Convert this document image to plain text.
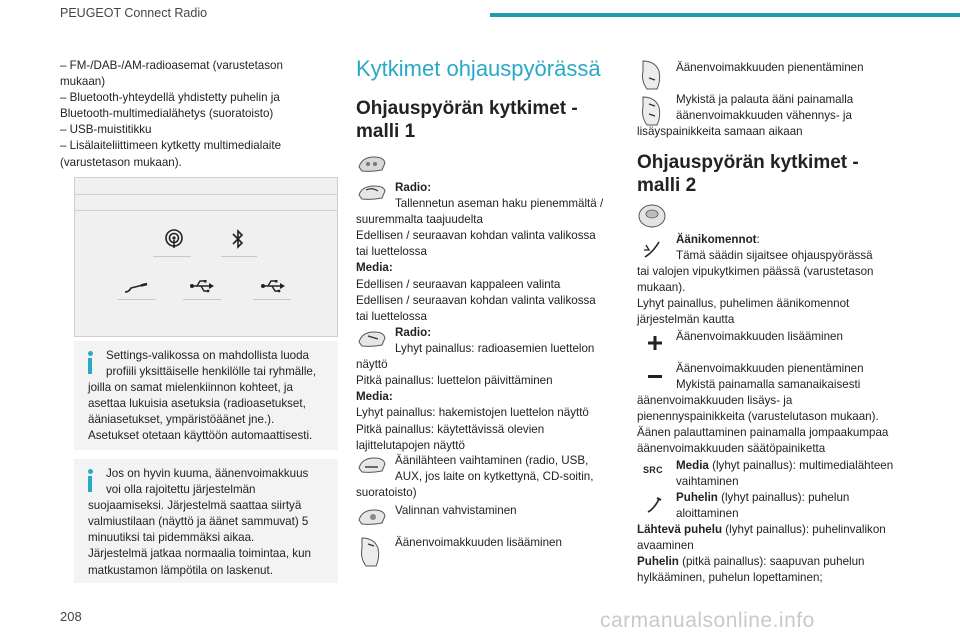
PEUGEOT Connect Radio
– FM-/DAB-/AM-radioasemat (varustetason
mukaan)
– Bluetooth-yhteydellä yhdistetty puhelin ja
Bluetooth-multimedialähetys (suoratoisto)
– USB-muistitikku
– Lisälaiteliittimeen kytketty multimedialaite
(varustetason mukaan).
Settings-valikossa on mahdollista luoda
profiili yksittäiselle henkilölle tai ryhmälle,
joilla on samat mielenkiinnon kohteet, ja
asettaa lukuisia asetuksia (radioasetukset,
ääniasetukset, ympäristöäänet jne.).
Asetukset otetaan käyttöön automaattisesti.
Jos on hyvin kuuma, äänenvoimakkuus
voi olla rajoitettu järjestelmän
suojaamiseksi. Järjestelmä saattaa siirtyä
valmiustilaan (näyttö ja äänet sammuvat) 5
minuutiksi tai pidemmäksi aikaa.
Järjestelmä jatkaa normaalia toimintaa, kun
matkustamon lämpötila on laskenut.
208
Kytkimet ohjauspyörässä
Ohjauspyörän kytkimet -
malli 1
Radio:
Tallennetun aseman haku pienemmältä /
suuremmalta taajuudelta
Edellisen / seuraavan kohdan valinta valikossa
tai luettelossa
Media:
Edellisen / seuraavan kappaleen valinta
Edellisen / seuraavan kohdan valinta valikossa
tai luettelossa
Radio:
Lyhyt painallus: radioasemien luettelon
näyttö
Pitkä painallus: luettelon päivittäminen
Media:
Lyhyt painallus: hakemistojen luettelon näyttö
Pitkä painallus: käytettävissä olevien
lajittelutapojen näyttö
Äänilähteen vaihtaminen (radio, USB,
AUX, jos laite on kytkettynä, CD-soitin,
suoratoisto)
Valinnan vahvistaminen
Äänenvoimakkuuden lisääminen
Äänenvoimakkuuden pienentäminen
Mykistä ja palauta ääni painamalla
äänenvoimakkuuden vähennys- ja
lisäyspainikkeita samaan aikaan
Ohjauspyörän kytkimet -
malli 2
Äänikomennot:
Tämä säädin sijaitsee ohjauspyörässä
tai valojen vipukytkimen päässä (varustetason
mukaan).
Lyhyt painallus, puhelimen äänikomennot
järjestelmän kautta
Äänenvoimakkuuden lisääminen
Äänenvoimakkuuden pienentäminen
Mykistä painamalla samanaikaisesti
äänenvoimakkuuden lisäys- ja
pienennyspainikkeita (varustelutason mukaan).
Äänen palauttaminen painamalla jompaakumpaa
äänenvoimakkuuden säätöpainiketta
SRC Media (lyhyt painallus): multimedialähteen
vaihtaminen
Puhelin (lyhyt painallus): puhelun
aloittaminen
Lähtevä puhelu (lyhyt painallus): puhelinvalikon
avaaminen
Puhelin (pitkä painallus): saapuvan puhelun
hylkääminen, puhelun lopettaminen;
carmanualsonline.info
